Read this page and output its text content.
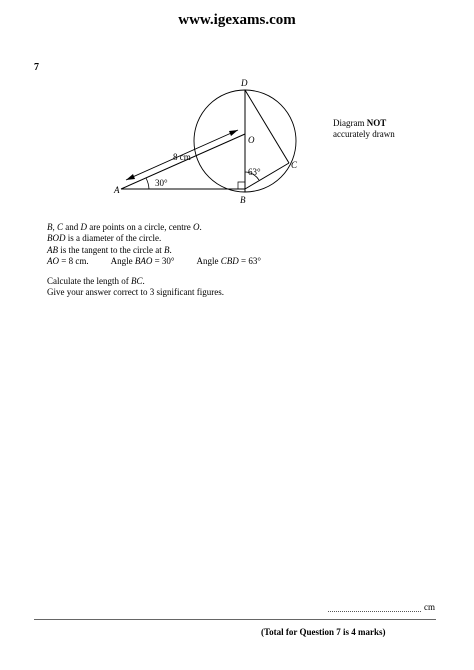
www.igexams.com
7
D
O
C
A
B
8 cm
30°
63°
Diagram NOT
accurately drawn
B, C and D are points on a circle, centre O.
BOD is a diameter of the circle.
AB is the tangent to the circle at B.
AO = 8 cm.          Angle BAO = 30°          Angle CBD = 63°
Calculate the length of BC.
Give your answer correct to 3 significant figures.
cm
(Total for Question 7 is 4 marks)
